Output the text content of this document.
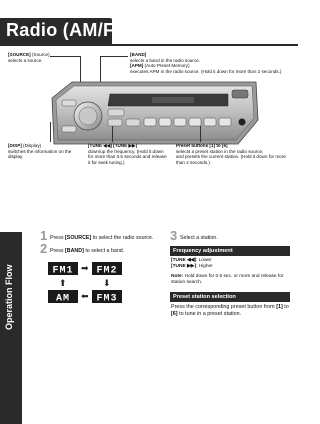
Radio (AM/FM)
[SOURCE] (Source)
selects a source.
[BAND]
selects a band in the radio source.
[APM] (Auto Preset Memory)
executes APM in the radio source. (Hold it down for more than 2 seconds.)
[DISP] (Display)
switches the information on the
display.
[TUNE ◀◀] [TUNE ▶▶]
down/up the frequency. (Hold it down
for more than 0.5 seconds and release
it for seek tuning.)
Preset buttons [1] to [6]
selects a preset station in the radio source,
and presets the current station. (Hold it down for more
than 2 seconds.)
Operation Flow
1 Press [SOURCE] to select the radio source.
2 Press [BAND] to select a band.
FM1 ➡ FM2
⬆	⬇
AM ⬅ FM3
3 Select a station.
Frequency adjustment
[TUNE ◀◀]: Lower
[TUNE ▶▶]: Higher
Note: Hold down for 0.5 sec. or more and release for station search.
Preset station selection
Press the corresponding preset button from [1] to [6] to tune in a preset station.
